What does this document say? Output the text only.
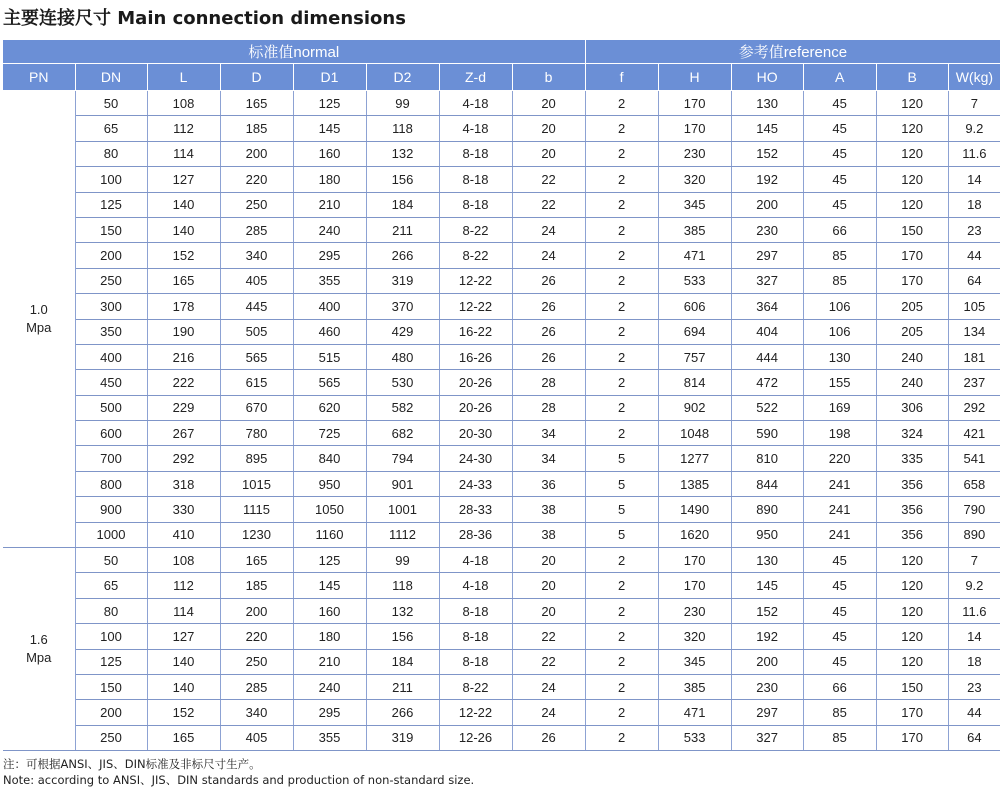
主要连接尺寸 Main connection dimensions
标准值normal								参考值reference					
PN	DN	L	D	D1	D2	Z-d	b	f	H	HO	A	B	W(kg)

1.0
Mpa	50	108	165	125	99	4-18	20	2	170	130	45	120	7
	65	112	185	145	118	4-18	20	2	170	145	45	120	9.2
	80	114	200	160	132	8-18	20	2	230	152	45	120	11.6
	100	127	220	180	156	8-18	22	2	320	192	45	120	14
	125	140	250	210	184	8-18	22	2	345	200	45	120	18
	150	140	285	240	211	8-22	24	2	385	230	66	150	23
	200	152	340	295	266	8-22	24	2	471	297	85	170	44
	250	165	405	355	319	12-22	26	2	533	327	85	170	64
	300	178	445	400	370	12-22	26	2	606	364	106	205	105
	350	190	505	460	429	16-22	26	2	694	404	106	205	134
	400	216	565	515	480	16-26	26	2	757	444	130	240	181
	450	222	615	565	530	20-26	28	2	814	472	155	240	237
	500	229	670	620	582	20-26	28	2	902	522	169	306	292
	600	267	780	725	682	20-30	34	2	1048	590	198	324	421
	700	292	895	840	794	24-30	34	5	1277	810	220	335	541
	800	318	1015	950	901	24-33	36	5	1385	844	241	356	658
	900	330	1115	1050	1001	28-33	38	5	1490	890	241	356	790
	1000	410	1230	1160	1112	28-36	38	5	1620	950	241	356	890

1.6
Mpa	50	108	165	125	99	4-18	20	2	170	130	45	120	7
	65	112	185	145	118	4-18	20	2	170	145	45	120	9.2
	80	114	200	160	132	8-18	20	2	230	152	45	120	11.6
	100	127	220	180	156	8-18	22	2	320	192	45	120	14
	125	140	250	210	184	8-18	22	2	345	200	45	120	18
	150	140	285	240	211	8-22	24	2	385	230	66	150	23
	200	152	340	295	266	12-22	24	2	471	297	85	170	44
	250	165	405	355	319	12-26	26	2	533	327	85	170	64
注：可根据ANSI、JIS、DIN标准及非标尺寸生产。
Note: according to ANSI、JIS、DIN standards and production of non-standard size.
